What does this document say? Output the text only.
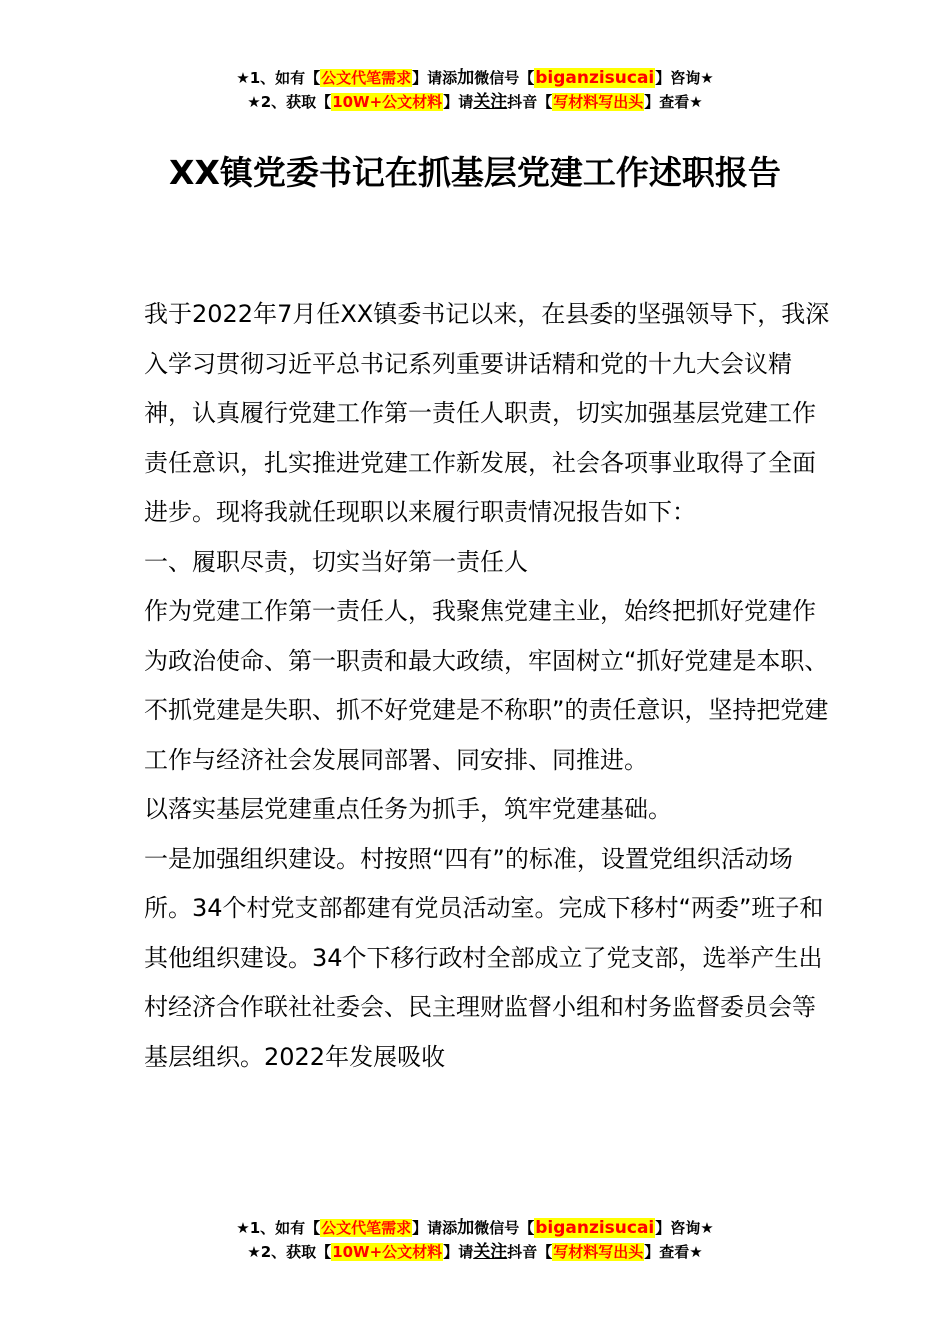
★1、如有【公文代笔需求】请添加微信号【biganzisucai】咨询★
★2、获取【10W+公文材料】请关注抖音【写材料写出头】查看★
XX镇党委书记在抓基层党建工作述职报告

我于2022年7月任XX镇委书记以来，在县委的坚强领导下，我深入学习贯彻习近平总书记系列重要讲话精和党的十九大会议精神，认真履行党建工作第一责任人职责，切实加强基层党建工作责任意识，扎实推进党建工作新发展，社会各项事业取得了全面进步。现将我就任现职以来履行职责情况报告如下：

一、履职尽责，切实当好第一责任人

作为党建工作第一责任人，我聚焦党建主业，始终把抓好党建作为政治使命、第一职责和最大政绩，牢固树立“抓好党建是本职、不抓党建是失职、抓不好党建是不称职”的责任意识，坚持把党建工作与经济社会发展同部署、同安排、同推进。

以落实基层党建重点任务为抓手，筑牢党建基础。

一是加强组织建设。村按照“四有”的标准，设置党组织活动场所。34个村党支部都建有党员活动室。完成下移村“两委”班子和其他组织建设。34个下移行政村全部成立了党支部，选举产生出村经济合作联社社委会、民主理财监督小组和村务监督委员会等基层组织。2022年发展吸收

★1、如有【公文代笔需求】请添加微信号【biganzisucai】咨询★
★2、获取【10W+公文材料】请关注抖音【写材料写出头】查看★
